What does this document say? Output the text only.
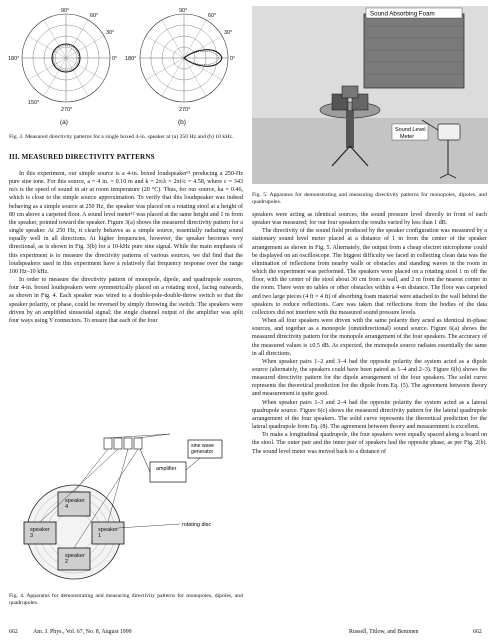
90°
60°
30°
0°
180°
150°
270°
(a)
90°
60°
30°
0°
180°
270°
(b)
Fig. 3. Measured directivity patterns for a single boxed 4-in. speaker at (a) 250 Hz and (b) 10 kHz.

III. MEASURED DIRECTIVITY PATTERNS

In this experiment, our simple source is a 4-in. boxed loudspeaker¹¹ producing a 250-Hz pure sine tone. For this source, a = 4 in. = 0.10 m and k = 2π/λ = 2πf/c = 4.58, where c = 343 m/s is the speed of sound in air at room temperature (20 °C). Thus, for our source, ka = 0.46, which is close to the simple source approximation. To verify that this loudspeaker was indeed behaving as a simple source at 250 Hz, the speaker was placed on a rotating stool at a height of 80 cm above a carpeted floor. A sound level meter¹² was placed at the same height and 1 m from the speaker, pointed toward the speaker. Figure 3(a) shows the measured directivity pattern for a single speaker. At 250 Hz, it clearly behaves as a simple source, essentially radiating sound equally well in all directions. At higher frequencies, however, the speaker becomes very directional, as is shown in Fig. 3(b) for a 10-kHz pure sine signal. While the main emphasis of this experiment is to measure the directivity patterns of various sources, we did find that the loudspeakers used in this experiment have a relatively flat frequency response over the range 100 Hz–10 kHz.

In order to measure the directivity pattern of monopole, dipole, and quadrupole sources, four 4-in. boxed loudspeakers were symmetrically placed on a rotating stool, facing outwards, as shown in Fig. 4. Each speaker was wired to a double-pole-double-throw switch so that the speaker polarity, or phase, could be reversed by simply throwing the switch. The speakers were driven by an amplified sinusoidal signal; the single channel output of the amplifier was split four ways using Y connectors. To ensure that each of the four

speaker 4
speaker 3
speaker 1
speaker 2
amplifier
sine wave generator
rotating disc
Fig. 4. Apparatus for demonstrating and measuring directivity patterns for monopoles, dipoles, and quadrupoles.
Sound Absorbing Foam
Sound Level
Meter
Fig. 5. Apparatus for demonstrating and measuring directivity patterns for monopoles, dipoles, and quadrupoles.

speakers were acting as identical sources, the sound pressure level directly in front of each speaker was measured; for our four speakers the results varied by less than 1 dB.

The directivity of the sound field produced by the speaker configuration was measured by a stationary sound level meter placed at a distance of 1 m from the center of the speaker arrangement as shown in Fig. 5. Alternately, the output from a cheap electret microphone could be displayed on an oscilloscope. The biggest difficulty we faced in collecting clean data was the elimination of reflections from nearby walls or obstacles and standing waves in the room in which the experiment was performed. The speakers were placed on a rotating stool 1 m off the floor, with the center of the stool about 30 cm from a wall, and 2 m from the nearest corner in the room. There were no tables or other obstacles within a 4-m distance. The floor was carpeted and two large pieces (4 ft × 4 ft) of absorbing foam material were attached to the wall behind the speakers to reduce reflections. Care was taken that reflections from the bodies of the data collectors did not interfere with the measured sound pressure levels.

When all four speakers were driven with the same polarity they acted as identical in-phase sources, and together as a monopole (omnidirectional) sound source. Figure 6(a) shows the measured directivity pattern for the monopole arrangement of the four speakers. The accuracy of the measured values is ±0.5 dB. As expected, the monopole source radiates essentially the same in all directions.

When speaker pairs 1–2 and 3–4 had the opposite polarity the system acted as a dipole source (alternately, the speakers could have been paired as 1–4 and 2–3). Figure 6(b) shows the measured directivity pattern for the dipole arrangement of the four speakers. The solid curve represents the theoretical prediction for the dipole from Eq. (5). The agreement between theory and measurement is quite good.

When speaker pairs 1–3 and 2–4 had the opposite polarity the system acted as a lateral quadrupole source. Figure 6(c) shows the measured directivity pattern for the lateral quadrupole arrangement of the four speakers. The solid curve represents the theoretical prediction for the lateral quadrupole from Eq. (8). The agreement between theory and measurement is excellent.

To make a longitudinal quadrupole, the four speakers were equally spaced along a board on the stool. The outer pair and the inner pair of speakers had the opposite phase, as per Fig. 2(b). The sound level meter was moved back to a distance of

662	Am. J. Phys., Vol. 67, No. 8, August 1999	Russell, Titlow, and Bemmen	662
